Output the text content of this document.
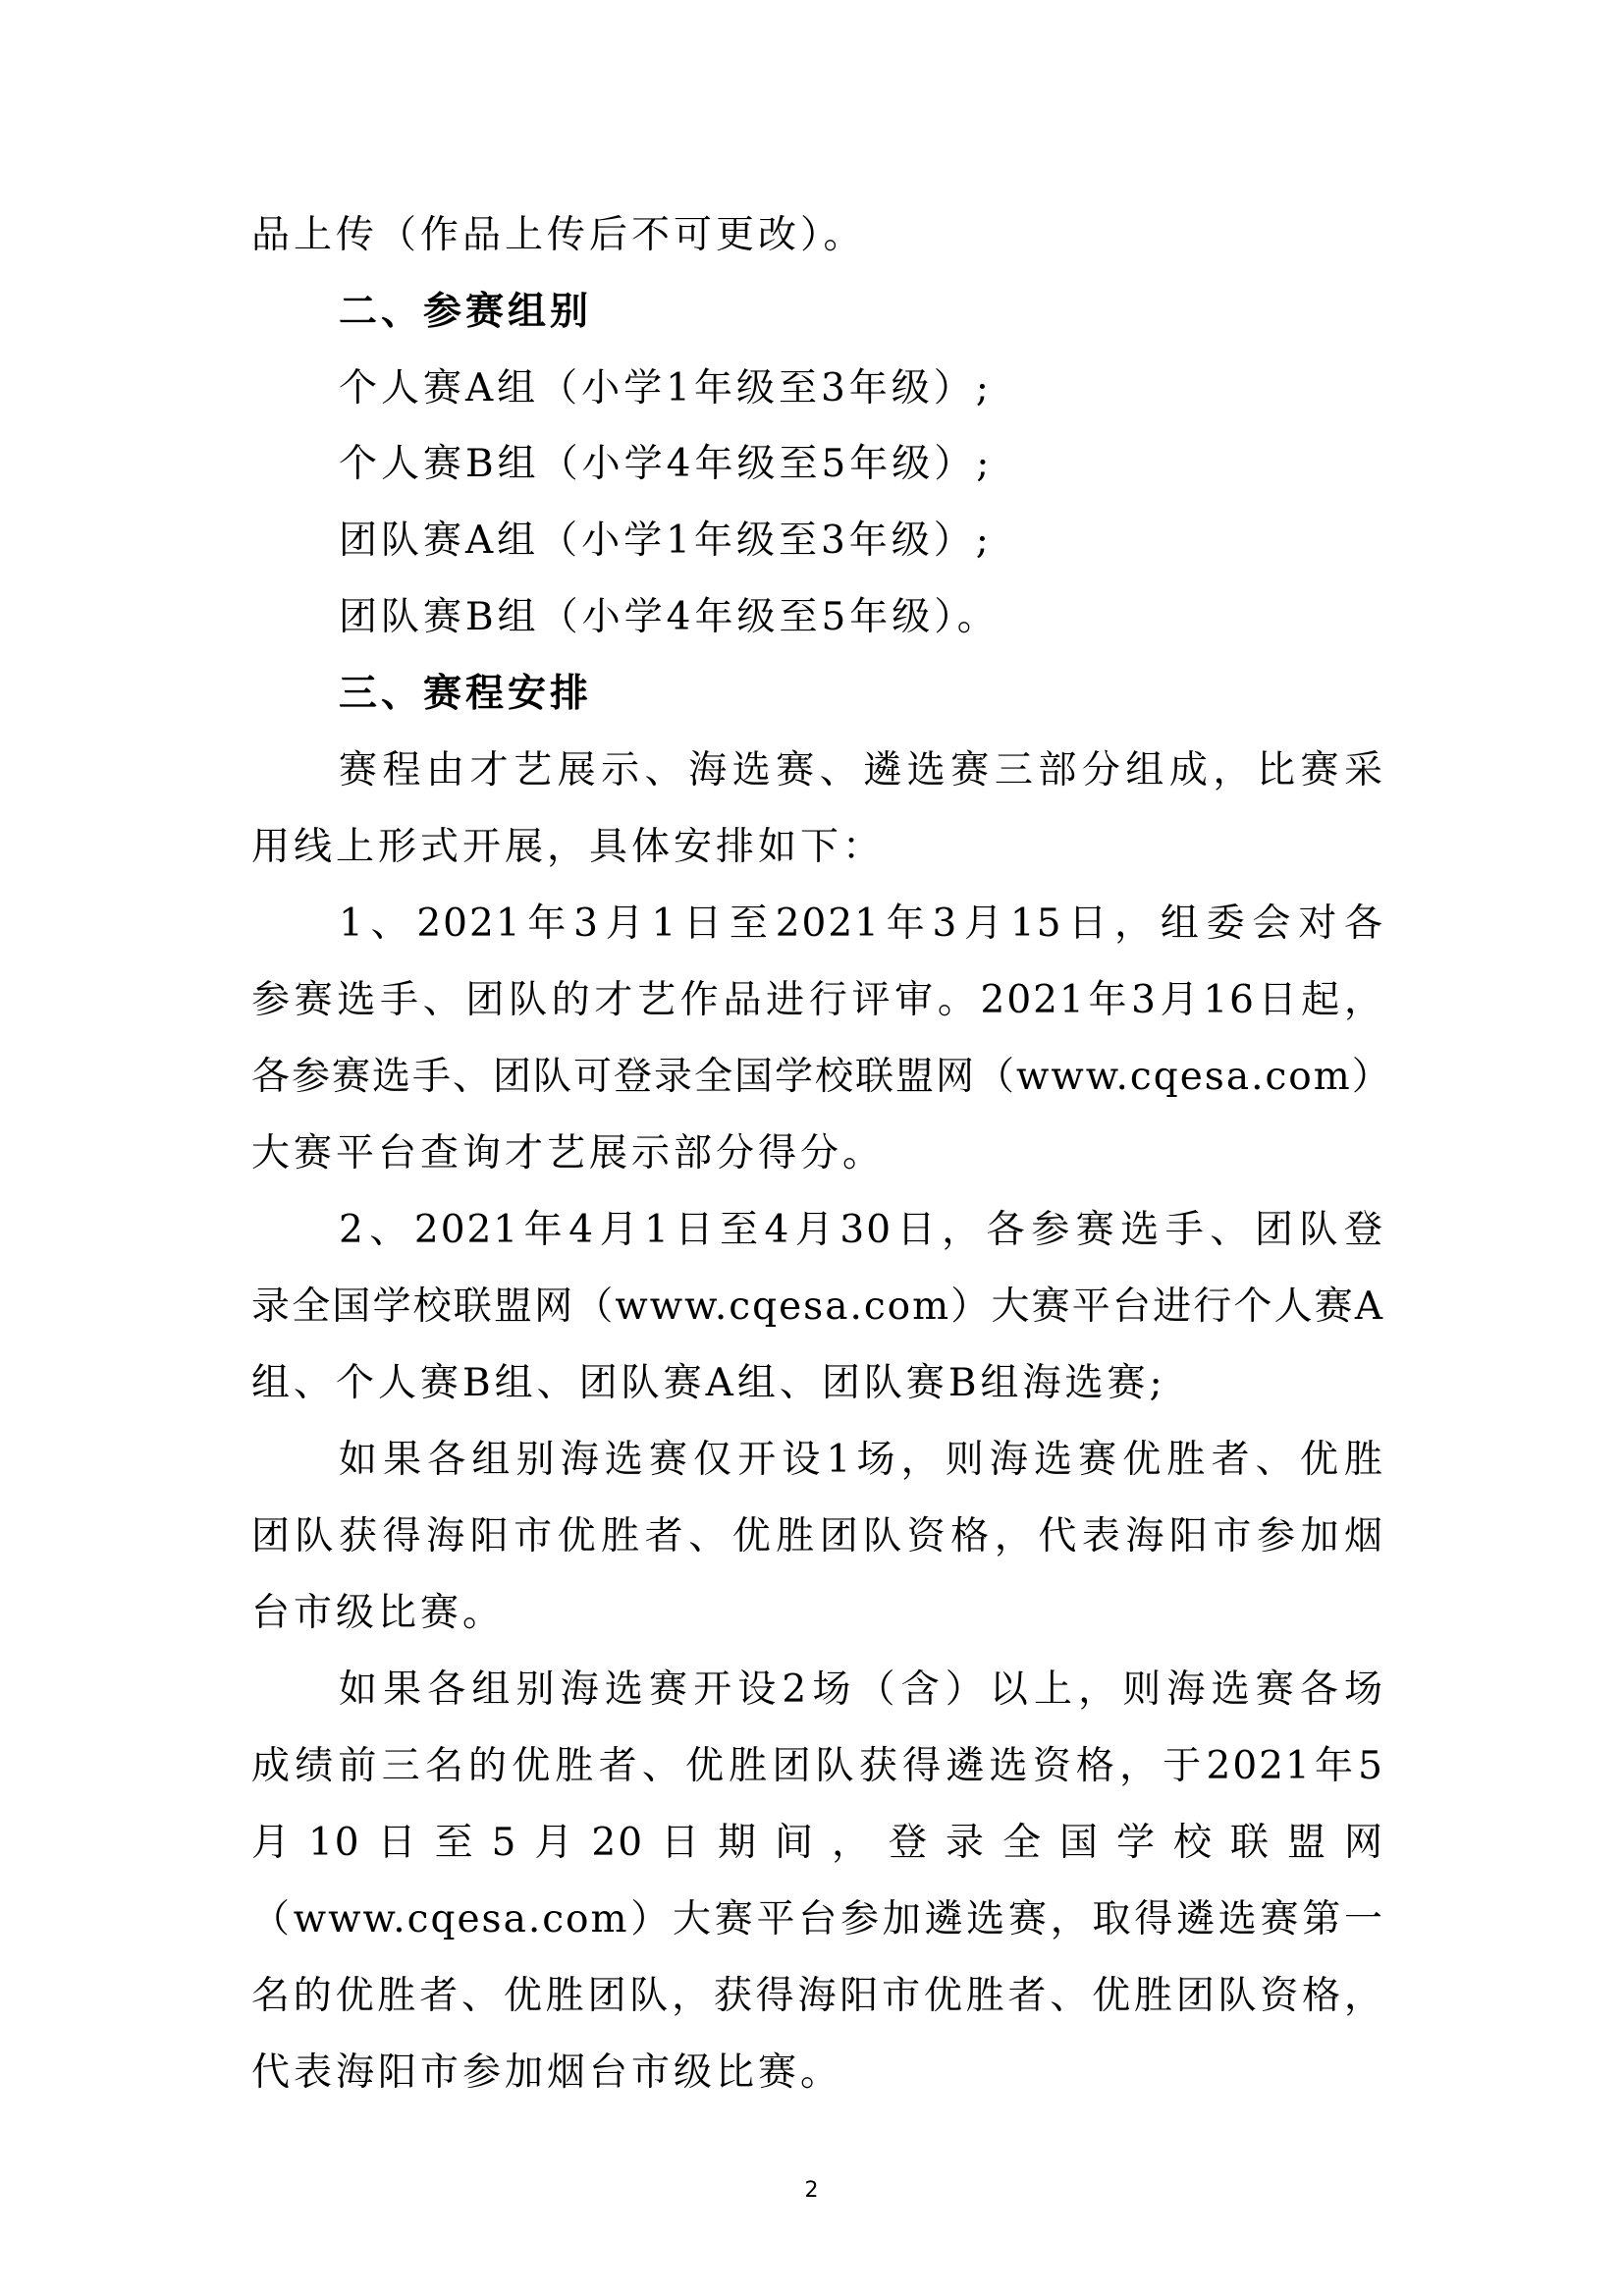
品上传（作品上传后不可更改）。
二、参赛组别
个人赛A组（小学1年级至3年级）;
个人赛B组（小学4年级至5年级）;
团队赛A组（小学1年级至3年级）;
团队赛B组（小学4年级至5年级）。
三、赛程安排
赛程由才艺展示、海选赛、遴选赛三部分组成，比赛采
用线上形式开展，具体安排如下：
1、2021年3月1日至2021年3月15日，组委会对各
参赛选手、团队的才艺作品进行评审。2021年3月16日起，
各参赛选手、团队可登录全国学校联盟网（www.cqesa.com）
大赛平台查询才艺展示部分得分。
2、2021年4月1日至4月30日，各参赛选手、团队登
录全国学校联盟网（www.cqesa.com）大赛平台进行个人赛A
组、个人赛B组、团队赛A组、团队赛B组海选赛;
如果各组别海选赛仅开设1场，则海选赛优胜者、优胜
团队获得海阳市优胜者、优胜团队资格，代表海阳市参加烟
台市级比赛。
如果各组别海选赛开设2场（含）以上，则海选赛各场
成绩前三名的优胜者、优胜团队获得遴选资格，于2021年5
月10日至5月20日期间，登录全国学校联盟网
（www.cqesa.com）大赛平台参加遴选赛，取得遴选赛第一
名的优胜者、优胜团队，获得海阳市优胜者、优胜团队资格，
代表海阳市参加烟台市级比赛。
2
